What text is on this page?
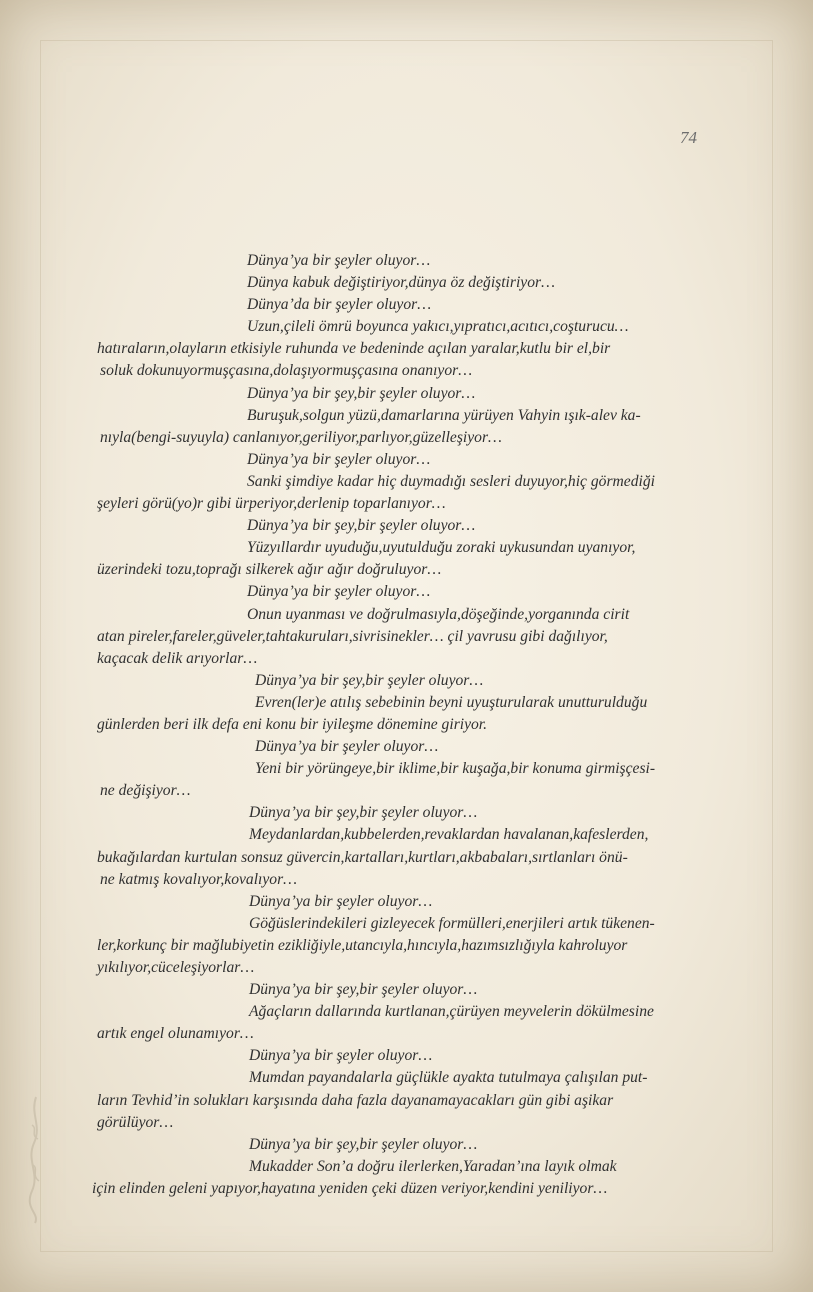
74
Dünya’ya bir şeyler oluyor…
Dünya kabuk değiştiriyor,dünya öz değiştiriyor…
Dünya’da bir şeyler oluyor…
Uzun,çileli ömrü boyunca yakıcı,yıpratıcı,acıtıcı,coşturucu…
hatıraların,olayların etkisiyle ruhunda ve bedeninde açılan yaralar,kutlu bir el,bir
soluk dokunuyormuşçasına,dolaşıyormuşçasına onanıyor…
Dünya’ya bir şey,bir şeyler oluyor…
Buruşuk,solgun yüzü,damarlarına yürüyen Vahyin ışık-alev ka-
nıyla(bengi-suyuyla) canlanıyor,geriliyor,parlıyor,güzelleşiyor…
Dünya’ya bir şeyler oluyor…
Sanki şimdiye kadar hiç duymadığı sesleri duyuyor,hiç görmediği
şeyleri görü(yo)r gibi ürperiyor,derlenip toparlanıyor…
Dünya’ya bir şey,bir şeyler oluyor…
Yüzyıllardır uyuduğu,uyutulduğu zoraki uykusundan uyanıyor,
üzerindeki tozu,toprağı silkerek ağır ağır doğruluyor…
Dünya’ya bir şeyler oluyor…
Onun uyanması ve doğrulmasıyla,döşeğinde,yorganında cirit
atan pireler,fareler,güveler,tahtakuruları,sivrisinekler… çil yavrusu gibi dağılıyor,
kaçacak delik arıyorlar…
Dünya’ya bir şey,bir şeyler oluyor…
Evren(ler)e atılış sebebinin beyni uyuşturularak unutturulduğu
günlerden beri ilk defa eni konu bir iyileşme dönemine giriyor.
Dünya’ya bir şeyler oluyor…
Yeni bir yörüngeye,bir iklime,bir kuşağa,bir konuma girmişçesi-
ne değişiyor…
Dünya’ya bir şey,bir şeyler oluyor…
Meydanlardan,kubbelerden,revaklardan havalanan,kafeslerden,
bukağılardan kurtulan sonsuz güvercin,kartalları,kurtları,akbabaları,sırtlanları önü-
ne katmış kovalıyor,kovalıyor…
Dünya’ya bir şeyler oluyor…
Göğüslerindekileri gizleyecek formülleri,enerjileri artık tükenen-
ler,korkunç bir mağlubiyetin ezikliğiyle,utancıyla,hıncıyla,hazımsızlığıyla kahroluyor
yıkılıyor,cüceleşiyorlar…
Dünya’ya bir şey,bir şeyler oluyor…
Ağaçların dallarında kurtlanan,çürüyen meyvelerin dökülmesine
artık engel olunamıyor…
Dünya’ya bir şeyler oluyor…
Mumdan payandalarla güçlükle ayakta tutulmaya çalışılan put-
ların Tevhid’in solukları karşısında daha fazla dayanamayacakları gün gibi aşikar
görülüyor…
Dünya’ya bir şey,bir şeyler oluyor…
Mukadder Son’a doğru ilerlerken,Yaradan’ına layık olmak
için elinden geleni yapıyor,hayatına yeniden çeki düzen veriyor,kendini yeniliyor…
